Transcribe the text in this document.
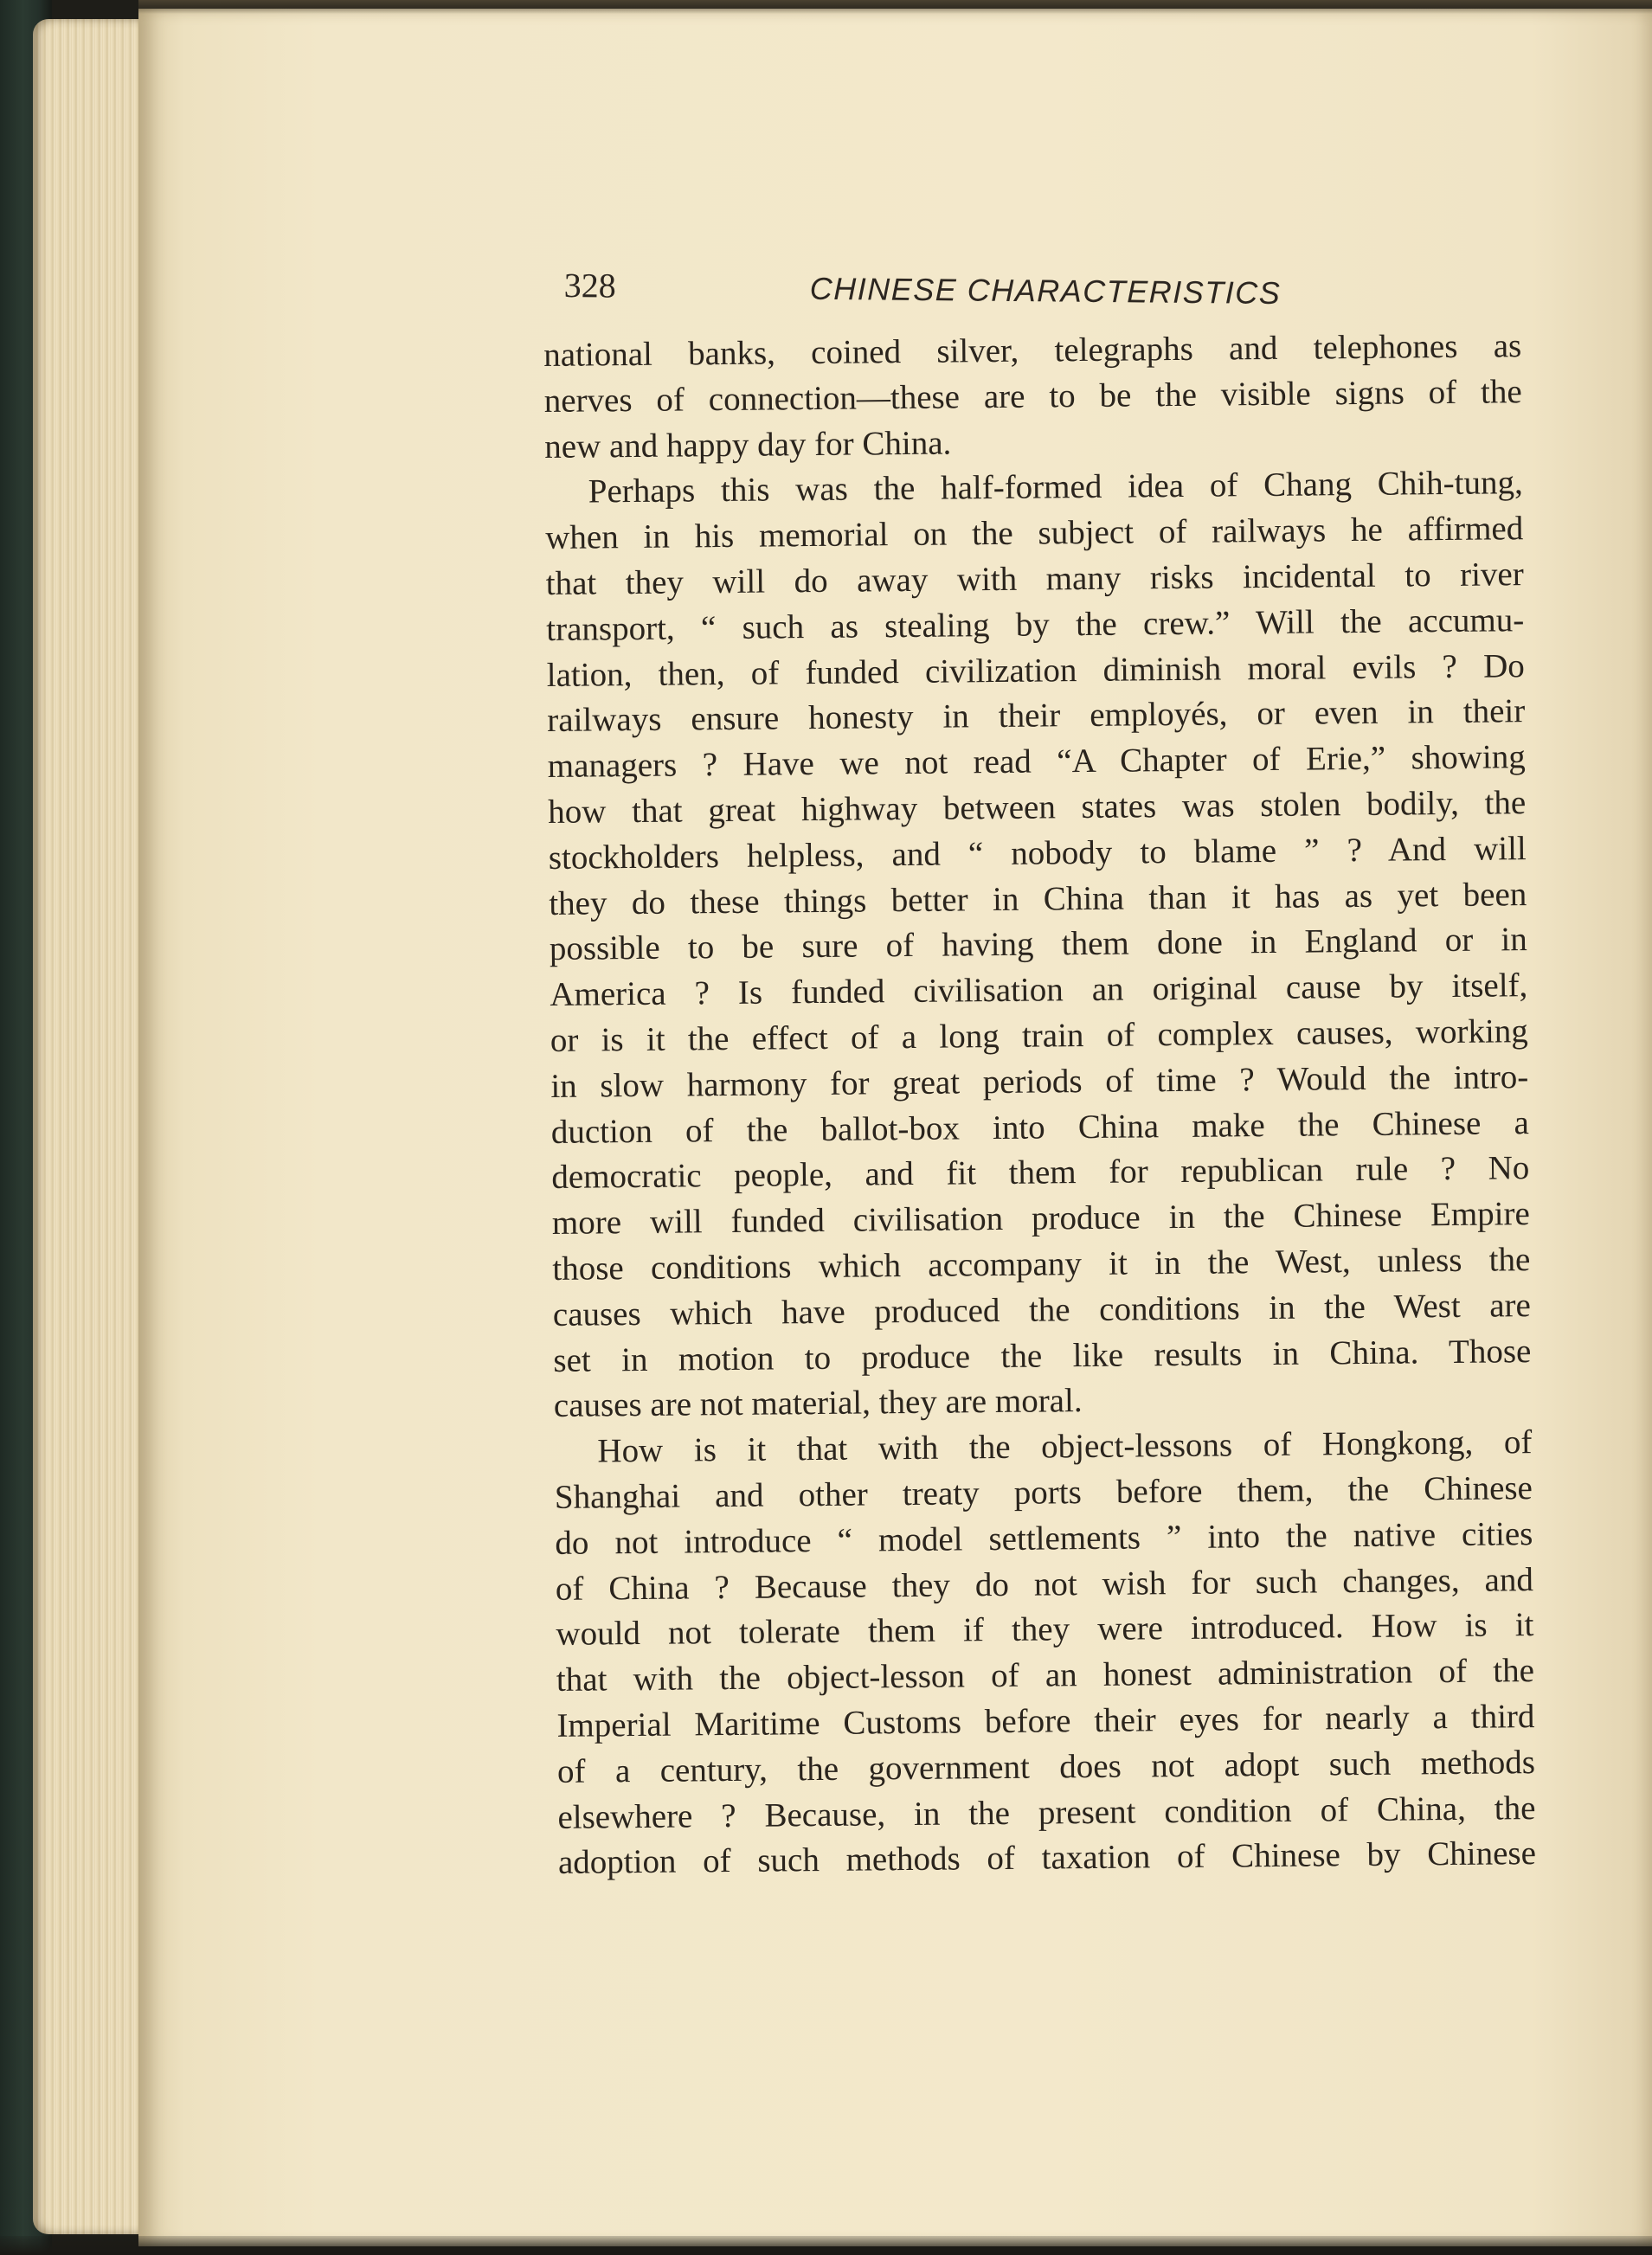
328	CHINESE CHARACTERISTICS

national banks, coined silver, telegraphs and telephones as
nerves of connection—these are to be the visible signs of the
new and happy day for China.

Perhaps this was the half-formed idea of Chang Chih-tung,
when in his memorial on the subject of railways he affirmed
that they will do away with many risks incidental to river
transport, “ such as stealing by the crew.” Will the accumu-
lation, then, of funded civilization diminish moral evils ? Do
railways ensure honesty in their employés, or even in their
managers ? Have we not read “A Chapter of Erie,” showing
how that great highway between states was stolen bodily, the
stockholders helpless, and “ nobody to blame ” ? And will
they do these things better in China than it has as yet been
possible to be sure of having them done in England or in
America ? Is funded civilisation an original cause by itself,
or is it the effect of a long train of complex causes, working
in slow harmony for great periods of time ? Would the intro-
duction of the ballot-box into China make the Chinese a
democratic people, and fit them for republican rule ? No
more will funded civilisation produce in the Chinese Empire
those conditions which accompany it in the West, unless the
causes which have produced the conditions in the West are
set in motion to produce the like results in China. Those
causes are not material, they are moral.

How is it that with the object-lessons of Hongkong, of
Shanghai and other treaty ports before them, the Chinese
do not introduce “ model settlements ” into the native cities
of China ? Because they do not wish for such changes, and
would not tolerate them if they were introduced. How is it
that with the object-lesson of an honest administration of the
Imperial Maritime Customs before their eyes for nearly a third
of a century, the government does not adopt such methods
elsewhere ? Because, in the present condition of China, the
adoption of such methods of taxation of Chinese by Chinese
